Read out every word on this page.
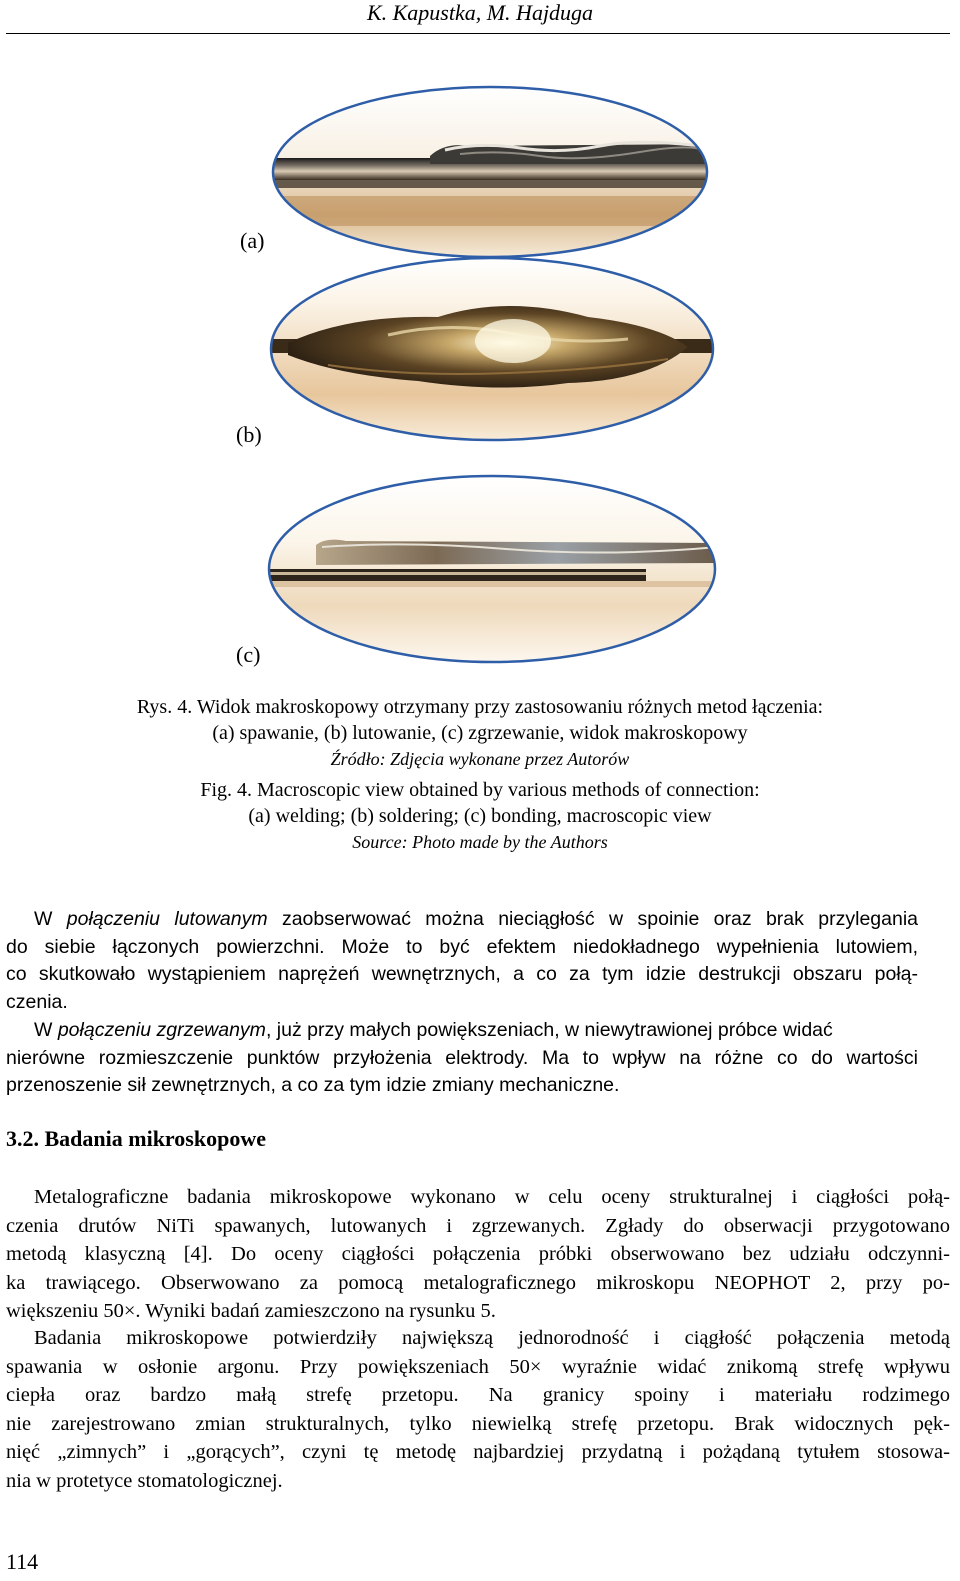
K. Kapustka, M. Hajduga
(a)
(b)
(c)
Rys. 4. Widok makroskopowy otrzymany przy zastosowaniu różnych metod łączenia:
(a) spawanie, (b) lutowanie, (c) zgrzewanie, widok makroskopowy
Źródło: Zdjęcia wykonane przez Autorów
Fig. 4. Macroscopic view obtained by various methods of connection:
(a) welding; (b) soldering; (c) bonding, macroscopic view
Source: Photo made by the Authors
W połączeniu lutowanym zaobserwować można nieciągłość w spoinie oraz brak przylegania
do siebie łączonych powierzchni. Może to być efektem niedokładnego wypełnienia lutowiem,
co skutkowało wystąpieniem naprężeń wewnętrznych, a co za tym idzie destrukcji obszaru połą-
czenia.
W połączeniu zgrzewanym, już przy małych powiększeniach, w niewytrawionej próbce widać
nierówne rozmieszczenie punktów przyłożenia elektrody. Ma to wpływ na różne co do wartości
przenoszenie sił zewnętrznych, a co za tym idzie zmiany mechaniczne.
3.2. Badania mikroskopowe
Metalograficzne badania mikroskopowe wykonano w celu oceny strukturalnej i ciągłości połą-
czenia drutów NiTi spawanych, lutowanych i zgrzewanych. Zgłady do obserwacji przygotowano
metodą klasyczną [4]. Do oceny ciągłości połączenia próbki obserwowano bez udziału odczynni-
ka trawiącego. Obserwowano za pomocą metalograficznego mikroskopu NEOPHOT 2, przy po-
większeniu 50×. Wyniki badań zamieszczono na rysunku 5.
Badania mikroskopowe potwierdziły największą jednorodność i ciągłość połączenia metodą
spawania w osłonie argonu. Przy powiększeniach 50× wyraźnie widać znikomą strefę wpływu
ciepła oraz bardzo małą strefę przetopu. Na granicy spoiny i materiału rodzimego
nie zarejestrowano zmian strukturalnych, tylko niewielką strefę przetopu. Brak widocznych pęk-
nięć „zimnych” i „gorących”, czyni tę metodę najbardziej przydatną i pożądaną tytułem stosowa-
nia w protetyce stomatologicznej.
114
